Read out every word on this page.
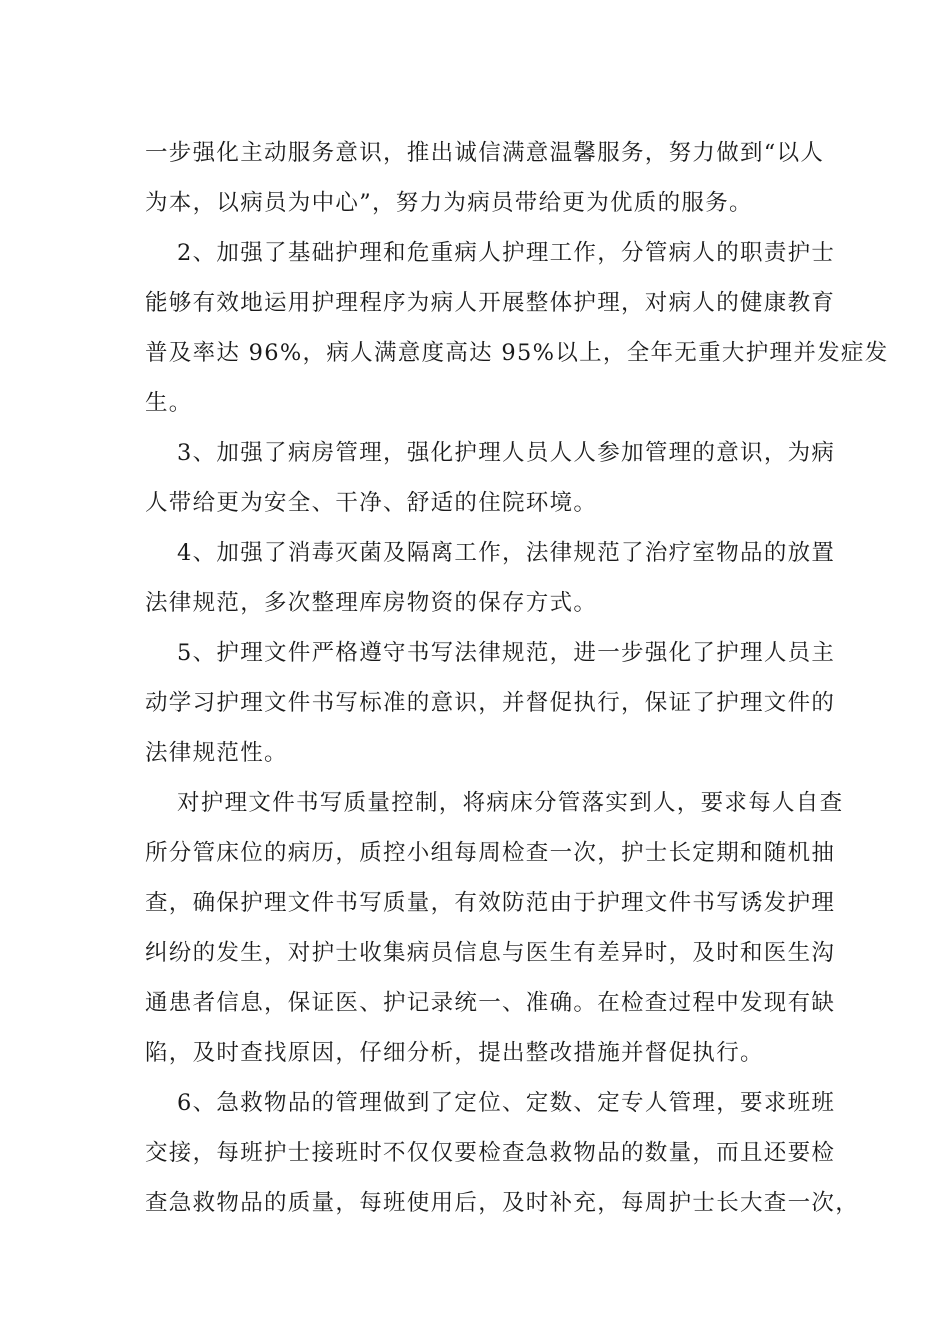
一步强化主动服务意识，推出诚信满意温馨服务，努力做到“以人
为本，以病员为中心”，努力为病员带给更为优质的服务。
2、加强了基础护理和危重病人护理工作，分管病人的职责护士
能够有效地运用护理程序为病人开展整体护理，对病人的健康教育
普及率达 96%，病人满意度高达 95%以上，全年无重大护理并发症发
生。
3、加强了病房管理，强化护理人员人人参加管理的意识，为病
人带给更为安全、干净、舒适的住院环境。
4、加强了消毒灭菌及隔离工作，法律规范了治疗室物品的放置
法律规范，多次整理库房物资的保存方式。
5、护理文件严格遵守书写法律规范，进一步强化了护理人员主
动学习护理文件书写标准的意识，并督促执行，保证了护理文件的
法律规范性。
对护理文件书写质量控制，将病床分管落实到人，要求每人自查
所分管床位的病历，质控小组每周检查一次，护士长定期和随机抽
查，确保护理文件书写质量，有效防范由于护理文件书写诱发护理
纠纷的发生，对护士收集病员信息与医生有差异时，及时和医生沟
通患者信息，保证医、护记录统一、准确。在检查过程中发现有缺
陷，及时查找原因，仔细分析，提出整改措施并督促执行。
6、急救物品的管理做到了定位、定数、定专人管理，要求班班
交接，每班护士接班时不仅仅要检查急救物品的数量，而且还要检
查急救物品的质量，每班使用后，及时补充，每周护士长大查一次，
